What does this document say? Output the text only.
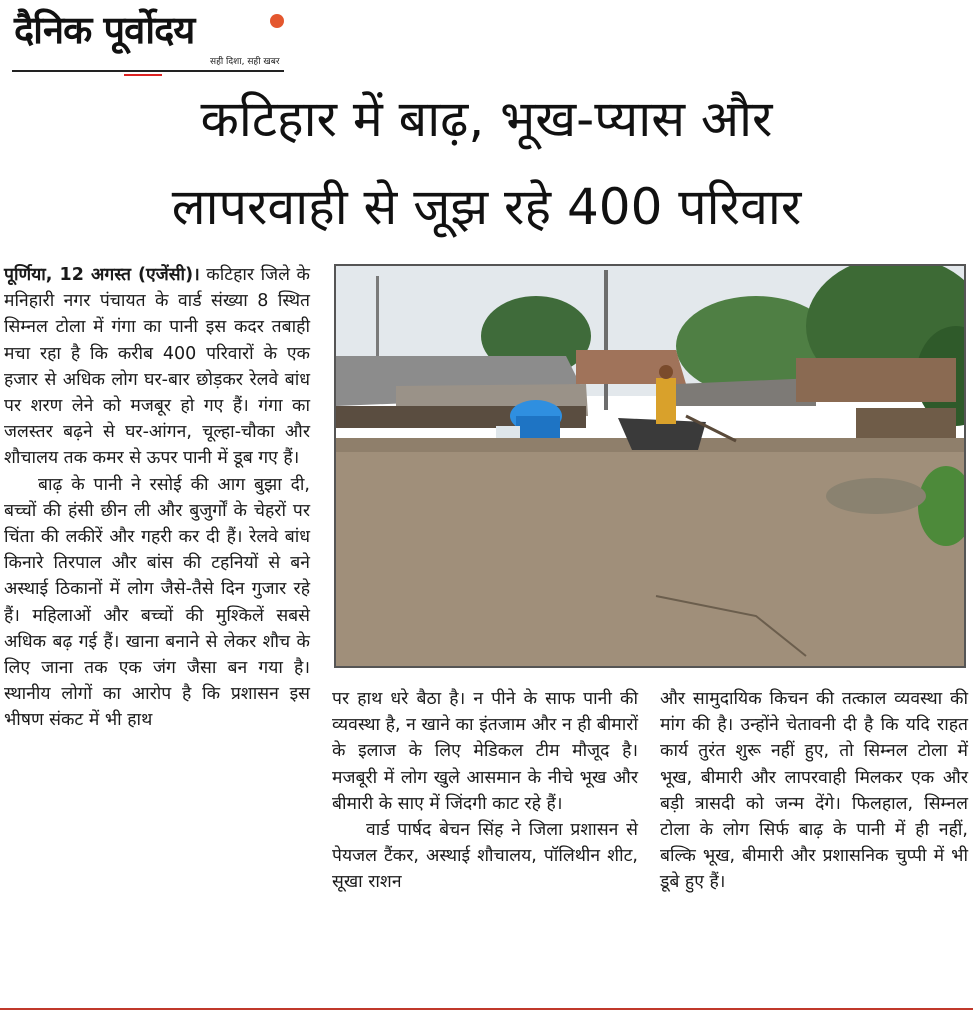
दैनिक पूर्वोदय
सही दिशा, सही खबर
कटिहार में बाढ़, भूख-प्यास और
लापरवाही से जूझ रहे 400 परिवार

पूर्णिया, 12 अगस्त (एजेंसी)। कटिहार जिले के मनिहारी नगर पंचायत के वार्ड संख्या 8 स्थित सिम्नल टोला में गंगा का पानी इस कदर तबाही मचा रहा है कि करीब 400 परिवारों के एक हजार से अधिक लोग घर-बार छोड़कर रेलवे बांध पर शरण लेने को मजबूर हो गए हैं। गंगा का जलस्तर बढ़ने से घर-आंगन, चूल्हा-चौका और शौचालय तक कमर से ऊपर पानी में डूब गए हैं।

बाढ़ के पानी ने रसोई की आग बुझा दी, बच्चों की हंसी छीन ली और बुजुर्गों के चेहरों पर चिंता की लकीरें और गहरी कर दी हैं। रेलवे बांध किनारे तिरपाल और बांस की टहनियों से बने अस्थाई ठिकानों में लोग जैसे-तैसे दिन गुजार रहे हैं। महिलाओं और बच्चों की मुश्किलें सबसे अधिक बढ़ गई हैं। खाना बनाने से लेकर शौच के लिए जाना तक एक जंग जैसा बन गया है। स्थानीय लोगों का आरोप है कि प्रशासन इस भीषण संकट में भी हाथ

पर हाथ धरे बैठा है। न पीने के साफ पानी की व्यवस्था है, न खाने का इंतजाम और न ही बीमारों के इलाज के लिए मेडिकल टीम मौजूद है। मजबूरी में लोग खुले आसमान के नीचे भूख और बीमारी के साए में जिंदगी काट रहे हैं।

वार्ड पार्षद बेचन सिंह ने जिला प्रशासन से पेयजल टैंकर, अस्थाई शौचालय, पॉलिथीन शीट, सूखा राशन

और सामुदायिक किचन की तत्काल व्यवस्था की मांग की है। उन्होंने चेतावनी दी है कि यदि राहत कार्य तुरंत शुरू नहीं हुए, तो सिम्नल टोला में भूख, बीमारी और लापरवाही मिलकर एक और बड़ी त्रासदी को जन्म देंगे। फिलहाल, सिम्नल टोला के लोग सिर्फ बाढ़ के पानी में ही नहीं, बल्कि भूख, बीमारी और प्रशासनिक चुप्पी में भी डूबे हुए हैं।
